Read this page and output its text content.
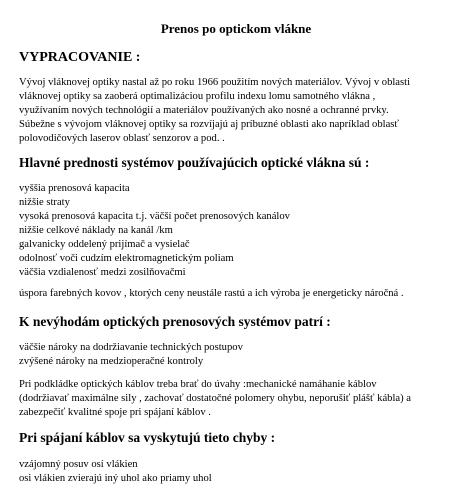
Prenos po optickom vlákne
VYPRACOVANIE :

Vývoj vláknovej optiky nastal až po roku 1966 použitím nových materiálov. Vývoj v oblasti
vláknovej optiky sa zaoberá optimalizáciou profilu indexu lomu samotného vlákna ,
využívaním nových technológií a materiálov používaných ako nosné a ochranné prvky.
Súbežne s vývojom vláknovej optiky sa rozvíjajú aj príbuzné oblasti ako napríklad oblasť
polovodičových laserov oblasť senzorov a pod. .

Hlavné prednosti systémov používajúcich optické vlákna sú :
vyššia prenosová kapacita
nižšie straty
vysoká prenosová kapacita t.j. väčší počet prenosových kanálov
nižšie celkové náklady na kanál /km
galvanicky oddelený prijímač a vysielač
odolnosť voči cudzím elektromagnetickým poliam
väčšia vzdialenosť medzi zosilňovačmi

úspora farebných kovov , ktorých ceny neustále rastú a ich výroba je energeticky náročná .

K nevýhodám optických prenosových systémov patrí :
väčšie nároky na dodržiavanie technických postupov
zvýšené nároky na medzioperačné kontroly

Pri podkládke optických káblov treba brať do úvahy :mechanické namáhanie káblov
(dodržiavať maximálne sily , zachovať dostatočné polomery ohybu, neporušiť plášť kábla) a
zabezpečiť kvalitné spoje pri spájaní káblov .

Pri spájaní káblov sa vyskytujú tieto chyby :
vzájomný posuv osí vlákien
osi vlákien zvierajú iný uhol ako priamy uhol
